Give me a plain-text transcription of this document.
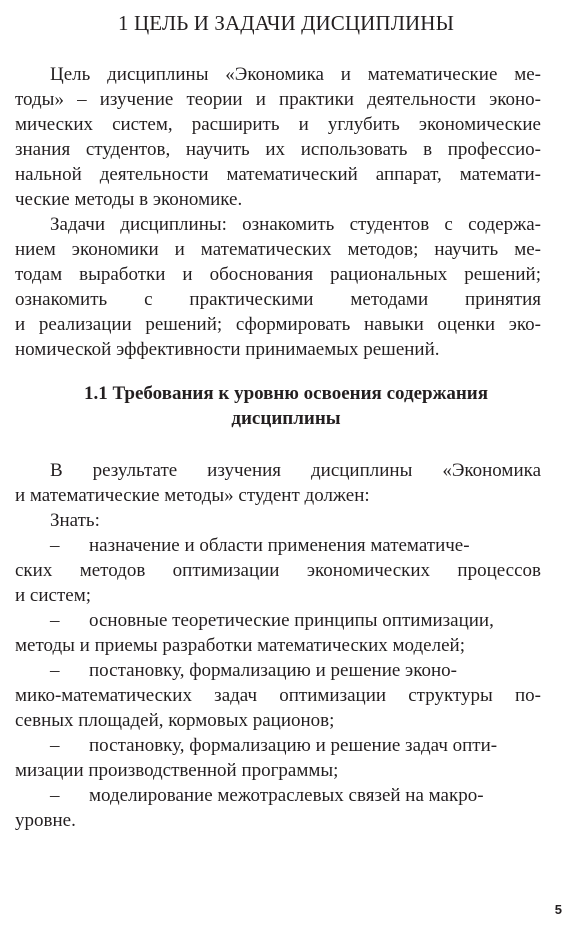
1 ЦЕЛЬ И ЗАДАЧИ ДИСЦИПЛИНЫ
Цель дисциплины «Экономика и математические ме-
тоды» – изучение теории и практики деятельности эконо-
мических систем, расширить и углубить экономические
знания студентов, научить их использовать в профессио-
нальной деятельности математический аппарат, математи-
ческие методы в экономике.
Задачи дисциплины: ознакомить студентов с содержа-
нием экономики и математических методов; научить ме-
тодам выработки и обоснования рациональных решений;
ознакомить с практическими методами принятия
и реализации решений; сформировать навыки оценки эко-
номической эффективности принимаемых решений.
1.1 Требования к уровню освоения содержания
дисциплины
В результате изучения дисциплины «Экономика
и математические методы» студент должен:
Знать:
– назначение и области применения математиче-
ских методов оптимизации экономических процессов
и систем;
– основные теоретические принципы оптимизации,
методы и приемы разработки математических моделей;
– постановку, формализацию и решение эконо-
мико-математических задач оптимизации структуры по-
севных площадей, кормовых рационов;
– постановку, формализацию и решение задач опти-
мизации производственной программы;
– моделирование межотраслевых связей на макро-
уровне.
5
